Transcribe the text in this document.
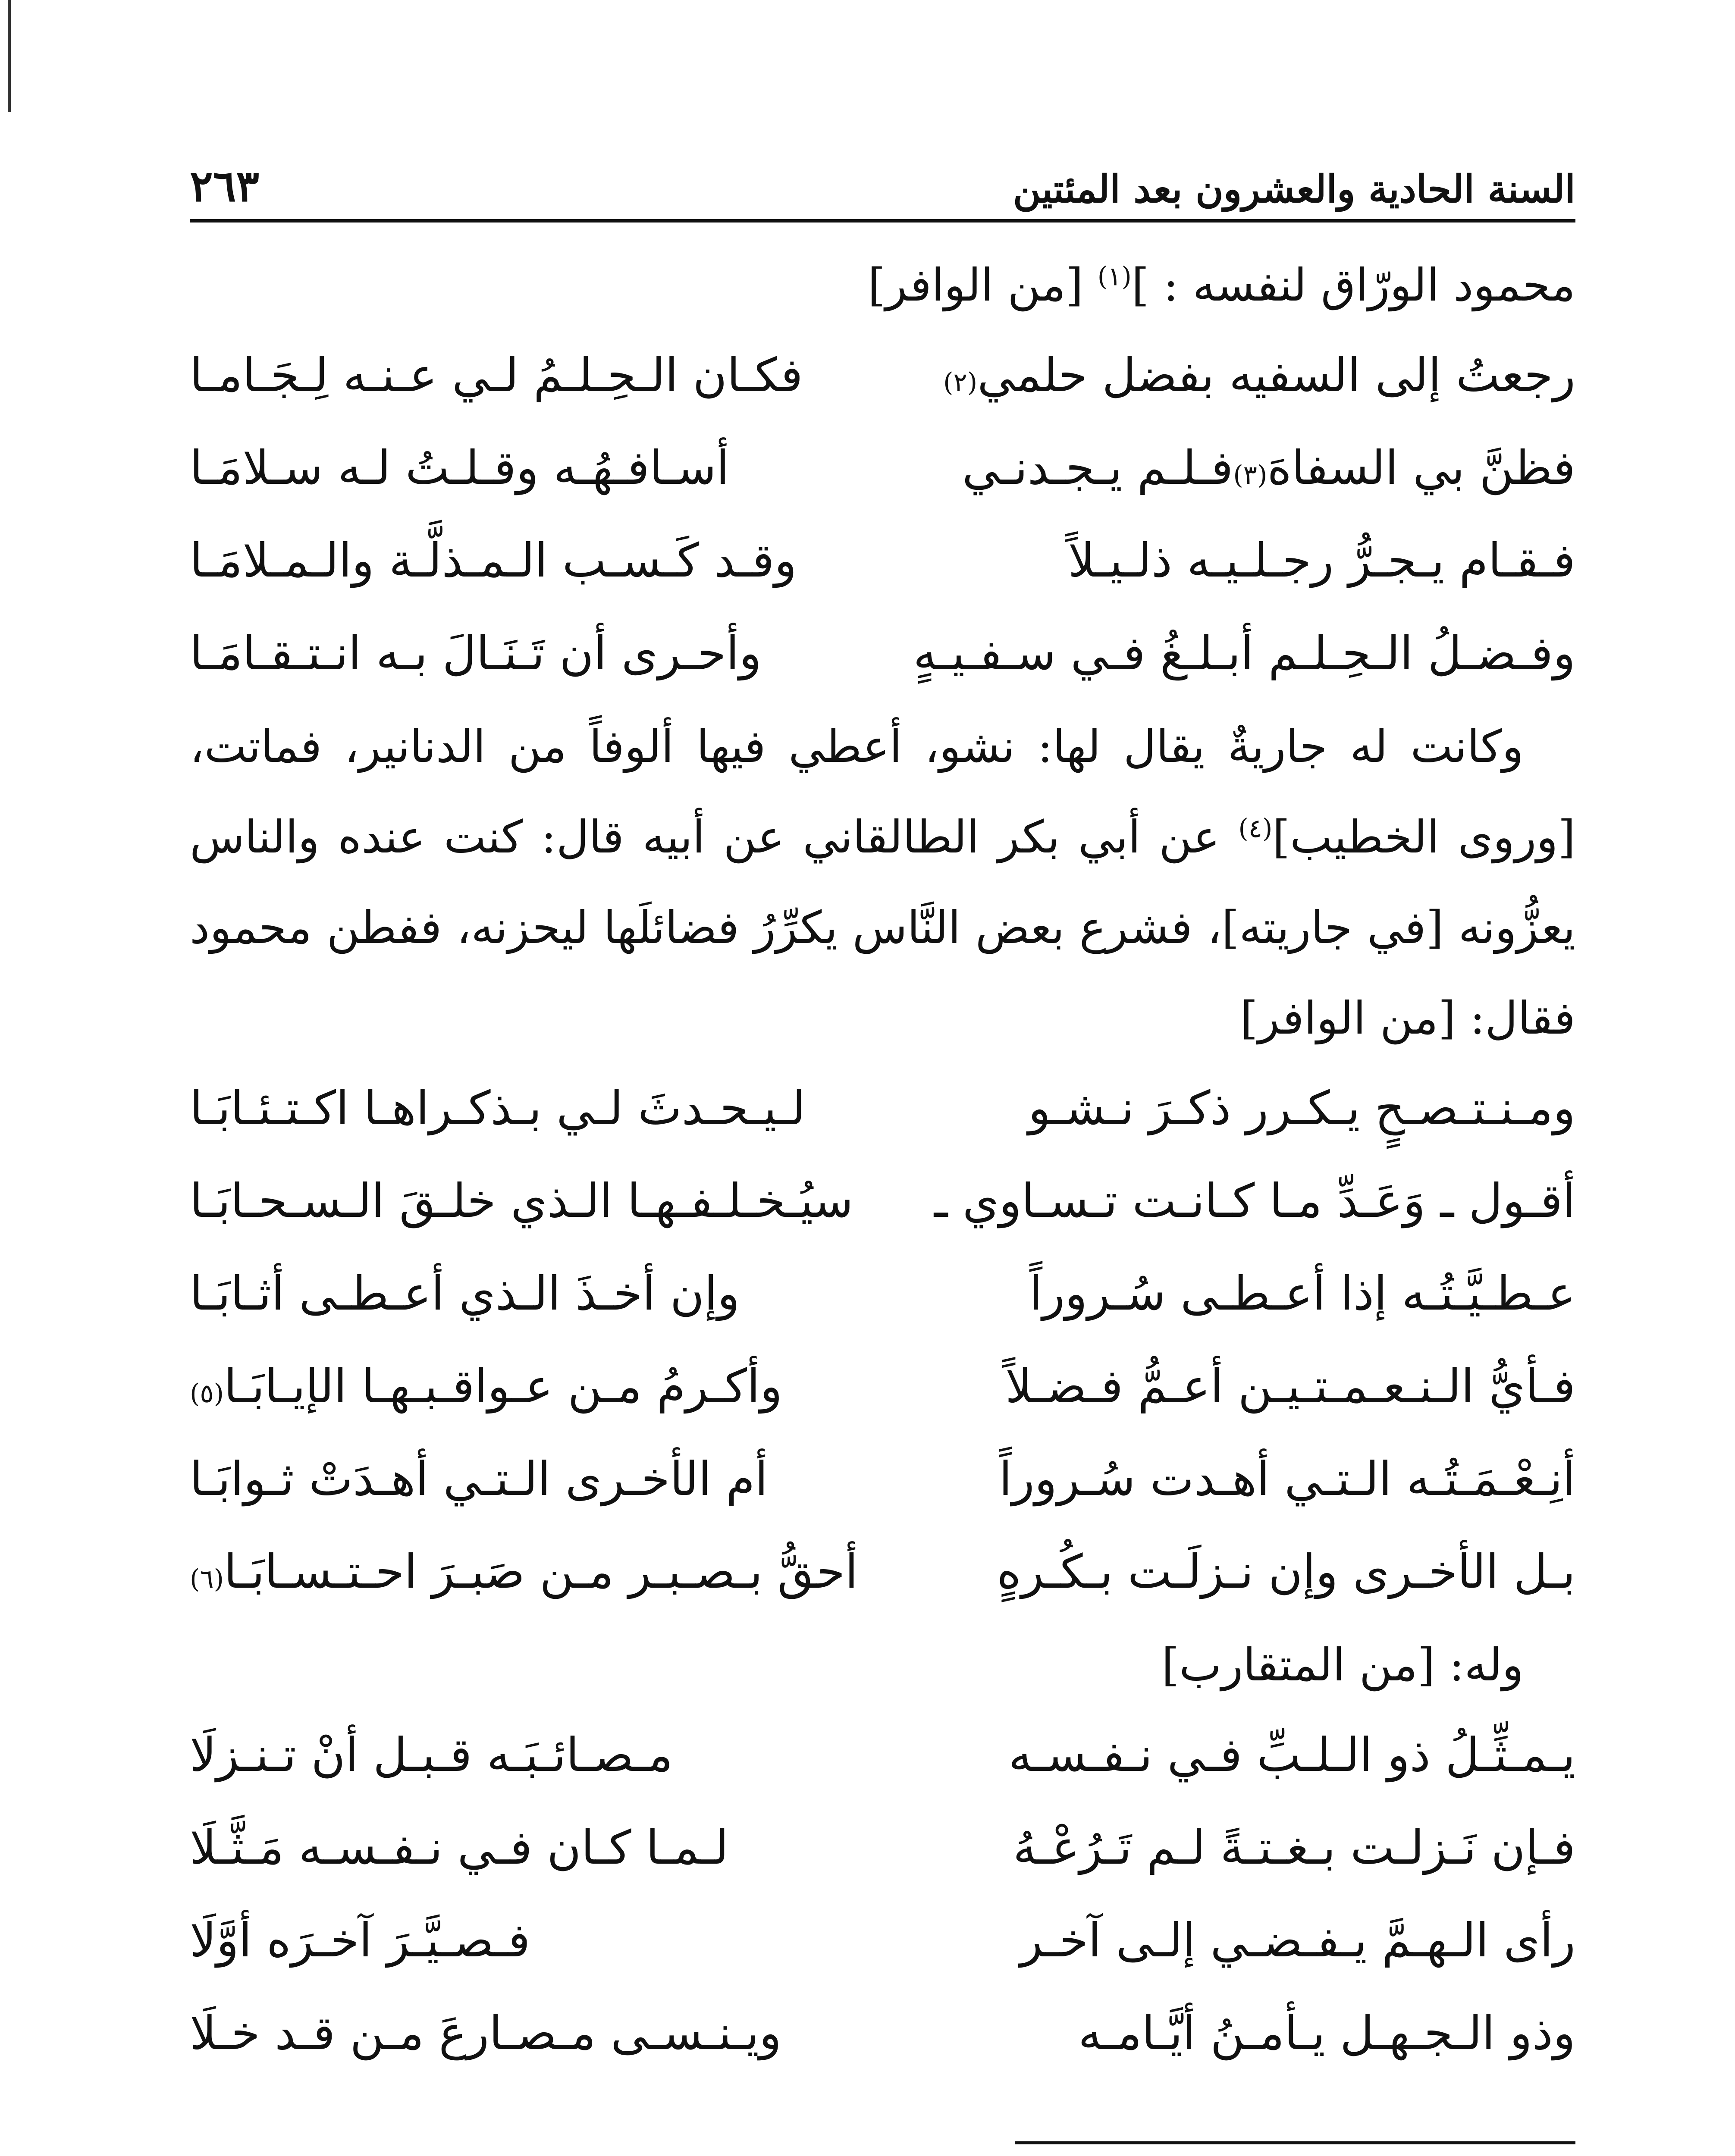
السنة الحادية والعشرون بعد المئتين
٢٦٣
محمود الورّاق لنفسه : ]$^{(١)}$ [من الوافر]
رجعتُ إلى السفيه بفضل حلمي
(٢)
فكـان الـحِـلـمُ لـي عـنـه لِـجَـامـا
فظنَّ بي السفاهَ
(٣)
فـلـم يـجـدنـي
أسـافـهُـه وقـلـتُ لـه سـلامَـا
فـقـام يـجـرُّ رجـلـيـه ذلـيـلاً
وقـد كَـسـب الـمـذلَّـة والـمـلامَـا
وفـضـلُ الـحِـلـم أبـلـغُ فـي سـفـيـهٍ
وأحـرى أن تَـنَـالَ بـه انـتـقـامَـا
وكانت له جاريةٌ يقال لها: نشو، أعطي فيها ألوفاً من الدنانير، فماتت، [وروى الخطيب]$^{(٤)}$ عن أبي بكر الطالقاني عن أبيه قال: كنت عنده والناس يعزُّونه [في جاريته]، فشرع بعض النَّاس يكرِّرُ فضائلَها ليحزنه، ففطن محمود فقال: [من الوافر]
ومـنـتـصـحٍ يـكـرر ذكـرَ نـشـو
لـيـحـدثَ لـي بـذكـراهـا اكـتـئـابَـا
أقـول ـ وَعَـدِّ مـا كـانـت تـسـاوي ـ
سيُـخـلـفـهـا الـذي خلـقَ الـسـحـابَـا
عـطـيَّـتُـه إذا أعـطـى سُـروراً
وإن أخـذَ الـذي أعـطـى أثـابَـا
فـأيُّ الـنـعـمـتـيـن أعـمُّ فـضـلاً
وأكـرمُ مـن عـواقـبـهـا الإيـابَـا
(٥)
أنِـعْـمَـتُـه الـتـي أهـدت سُـروراً
أم الأخـرى الـتـي أهـدَتْ ثـوابَـا
بـل الأخـرى وإن نـزلَـت بـكُـرهٍ
أحقُّ بـصـبـر مـن صَبـرَ احـتـسـابَـا
(٦)
وله: [من المتقارب]
يـمـثِّـلُ ذو الـلـبِّ فـي نـفـسـه
مـصـائـبَـه قـبـل أنْ تـنـزلَا
فـإن نَـزلـت بـغـتـةً لـم تَـرُعْـهُ
لـمـا كـان فـي نـفـسـه مَـثَّـلَا
رأى الـهـمَّ يـفـضـي إلـى آخـر
فـصـيَّـرَ آخـرَه أوَّلَا
وذو الـجـهـل يـأمـنُ أيَّـامـه
ويـنـسـى مـصـارعَ مـن قـد خـلَا
